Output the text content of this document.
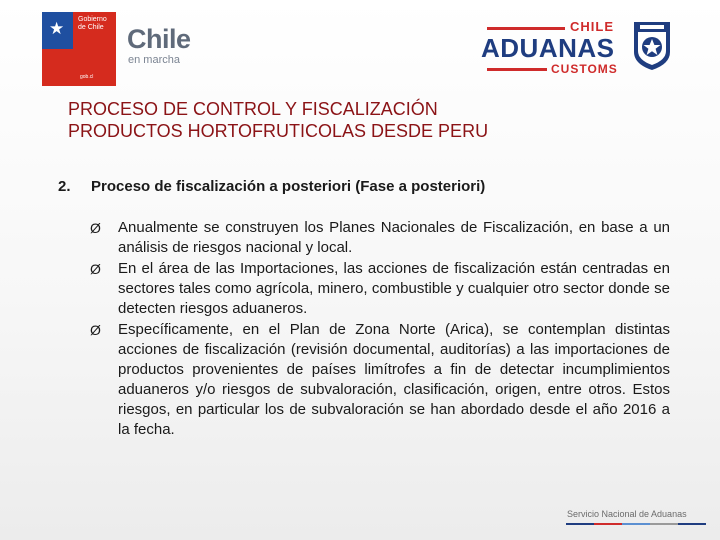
★ Gobierno de Chile
gob.cl
Chile
en marcha
CHILE
ADUANAS
CUSTOMS
PROCESO DE CONTROL Y FISCALIZACIÓN
PRODUCTOS HORTOFRUTICOLAS DESDE PERU
2. Proceso de fiscalización a posteriori (Fase a posteriori)
Ø Anualmente se construyen los Planes Nacionales de Fiscalización, en base a un análisis de riesgos nacional y local.
Ø En el área de las Importaciones, las acciones de fiscalización están centradas en sectores tales como agrícola, minero, combustible y cualquier otro sector donde se detecten riesgos aduaneros.
Ø Específicamente, en el Plan de Zona Norte (Arica), se contemplan distintas acciones de fiscalización (revisión documental, auditorías) a las importaciones de productos provenientes de países limítrofes a fin de detectar incumplimientos aduaneros y/o riesgos de subvaloración, clasificación, origen, entre otros. Estos riesgos, en particular los de subvaloración se han abordado desde el año 2016 a la fecha.
Servicio Nacional de Aduanas
